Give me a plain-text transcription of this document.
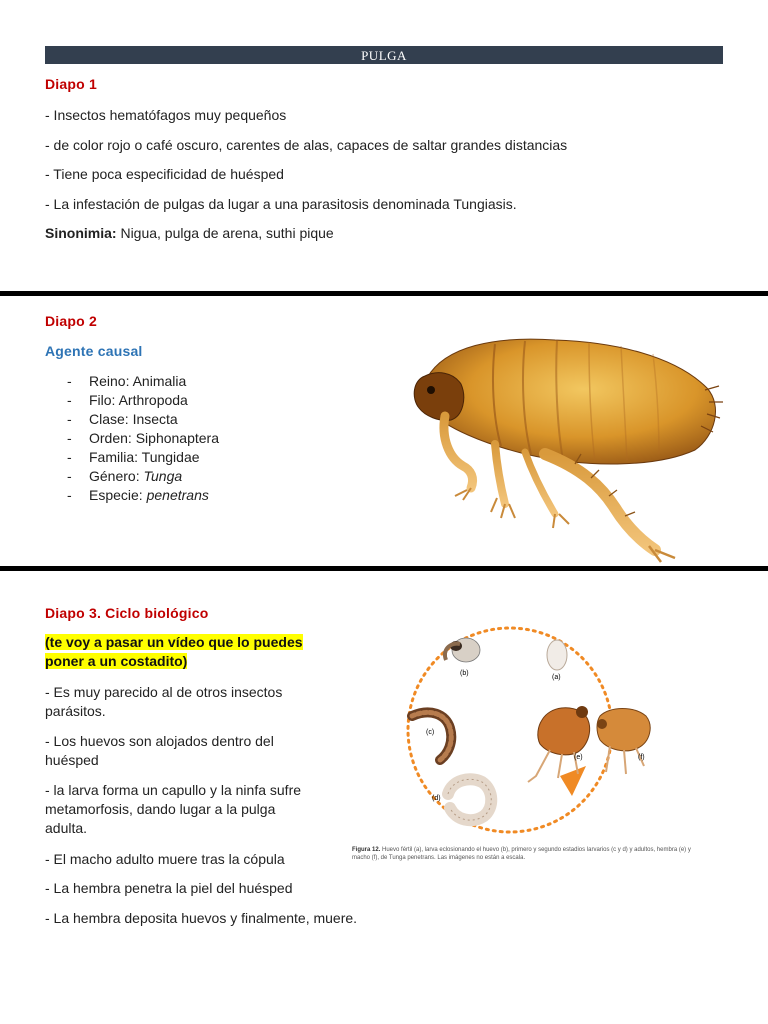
PULGA
Diapo 1
- Insectos hematófagos muy pequeños
- de color rojo o café oscuro, carentes de alas, capaces de saltar grandes distancias
- Tiene poca especificidad de huésped
- La infestación de pulgas da lugar a una parasitosis denominada Tungiasis.
Sinonimia: Nigua, pulga de arena, suthi pique
Diapo 2
Agente causal
- Reino: Animalia
- Filo: Arthropoda
- Clase: Insecta
- Orden: Siphonaptera
- Familia: Tungidae
- Género: Tunga
- Especie: penetrans
Diapo 3. Ciclo biológico
(te voy a pasar un vídeo que lo puedes
poner a un costadito)
- Es muy parecido al de otros insectos
parásitos.
- Los huevos son alojados dentro del
huésped
- la larva forma un capullo y la ninfa sufre
metamorfosis, dando lugar a la pulga
adulta.
- El macho adulto muere tras la cópula
- La hembra penetra la piel del huésped
- La hembra deposita huevos y finalmente, muere.
(b)
(a)
(c)
(d)
(e)	(f)
Figura 12. Huevo fértil (a), larva eclosionando el huevo (b), primero y segundo estadios larvarios (c y d) y adultos, hembra (e) y
macho (f), de Tunga penetrans. Las imágenes no están a escala.
